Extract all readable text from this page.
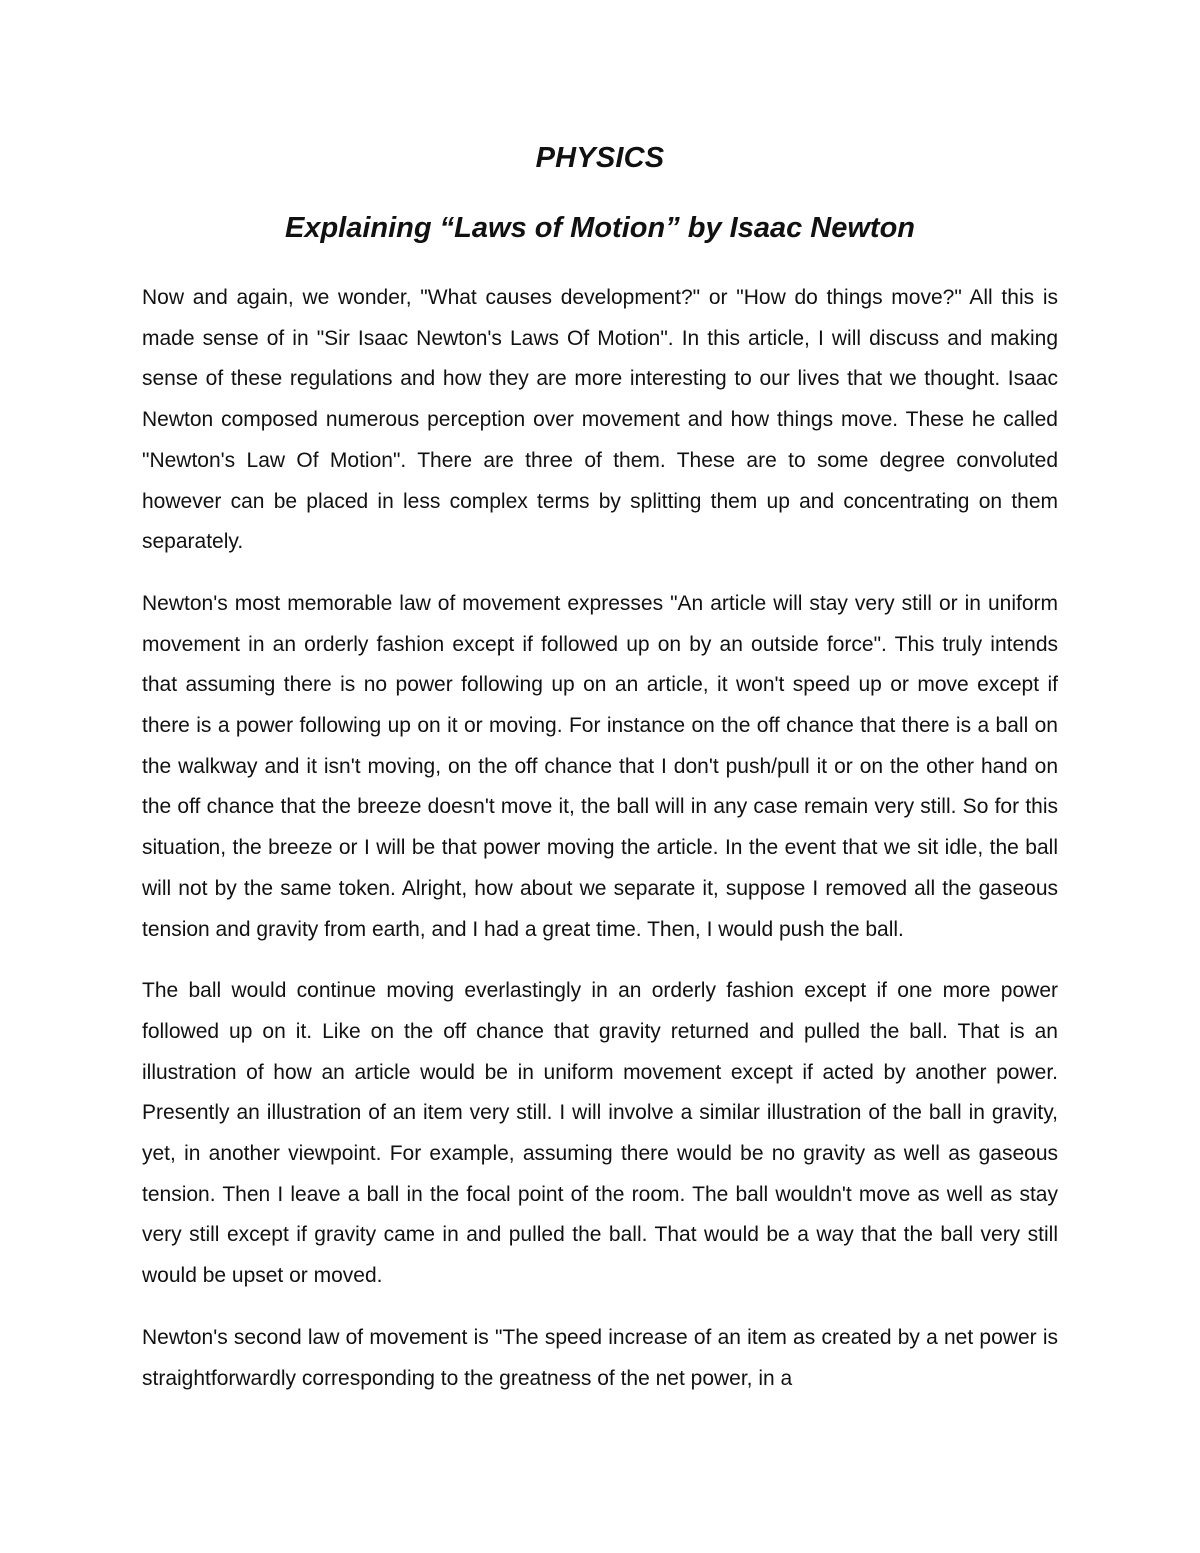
PHYSICS
Explaining “Laws of Motion” by Isaac Newton

Now and again, we wonder, "What causes development?" or "How do things move?" All this is made sense of in "Sir Isaac Newton's Laws Of Motion". In this article, I will discuss and making sense of these regulations and how they are more interesting to our lives that we thought. Isaac Newton composed numerous perception over movement and how things move. These he called "Newton's Law Of Motion". There are three of them. These are to some degree convoluted however can be placed in less complex terms by splitting them up and concentrating on them separately.

Newton's most memorable law of movement expresses "An article will stay very still or in uniform movement in an orderly fashion except if followed up on by an outside force". This truly intends that assuming there is no power following up on an article, it won't speed up or move except if there is a power following up on it or moving. For instance on the off chance that there is a ball on the walkway and it isn't moving, on the off chance that I don't push/pull it or on the other hand on the off chance that the breeze doesn't move it, the ball will in any case remain very still. So for this situation, the breeze or I will be that power moving the article. In the event that we sit idle, the ball will not by the same token. Alright, how about we separate it, suppose I removed all the gaseous tension and gravity from earth, and I had a great time. Then, I would push the ball.

The ball would continue moving everlastingly in an orderly fashion except if one more power followed up on it. Like on the off chance that gravity returned and pulled the ball. That is an illustration of how an article would be in uniform movement except if acted by another power. Presently an illustration of an item very still. I will involve a similar illustration of the ball in gravity, yet, in another viewpoint. For example, assuming there would be no gravity as well as gaseous tension. Then I leave a ball in the focal point of the room. The ball wouldn't move as well as stay very still except if gravity came in and pulled the ball. That would be a way that the ball very still would be upset or moved.

Newton's second law of movement is "The speed increase of an item as created by a net power is straightforwardly corresponding to the greatness of the net power, in a
